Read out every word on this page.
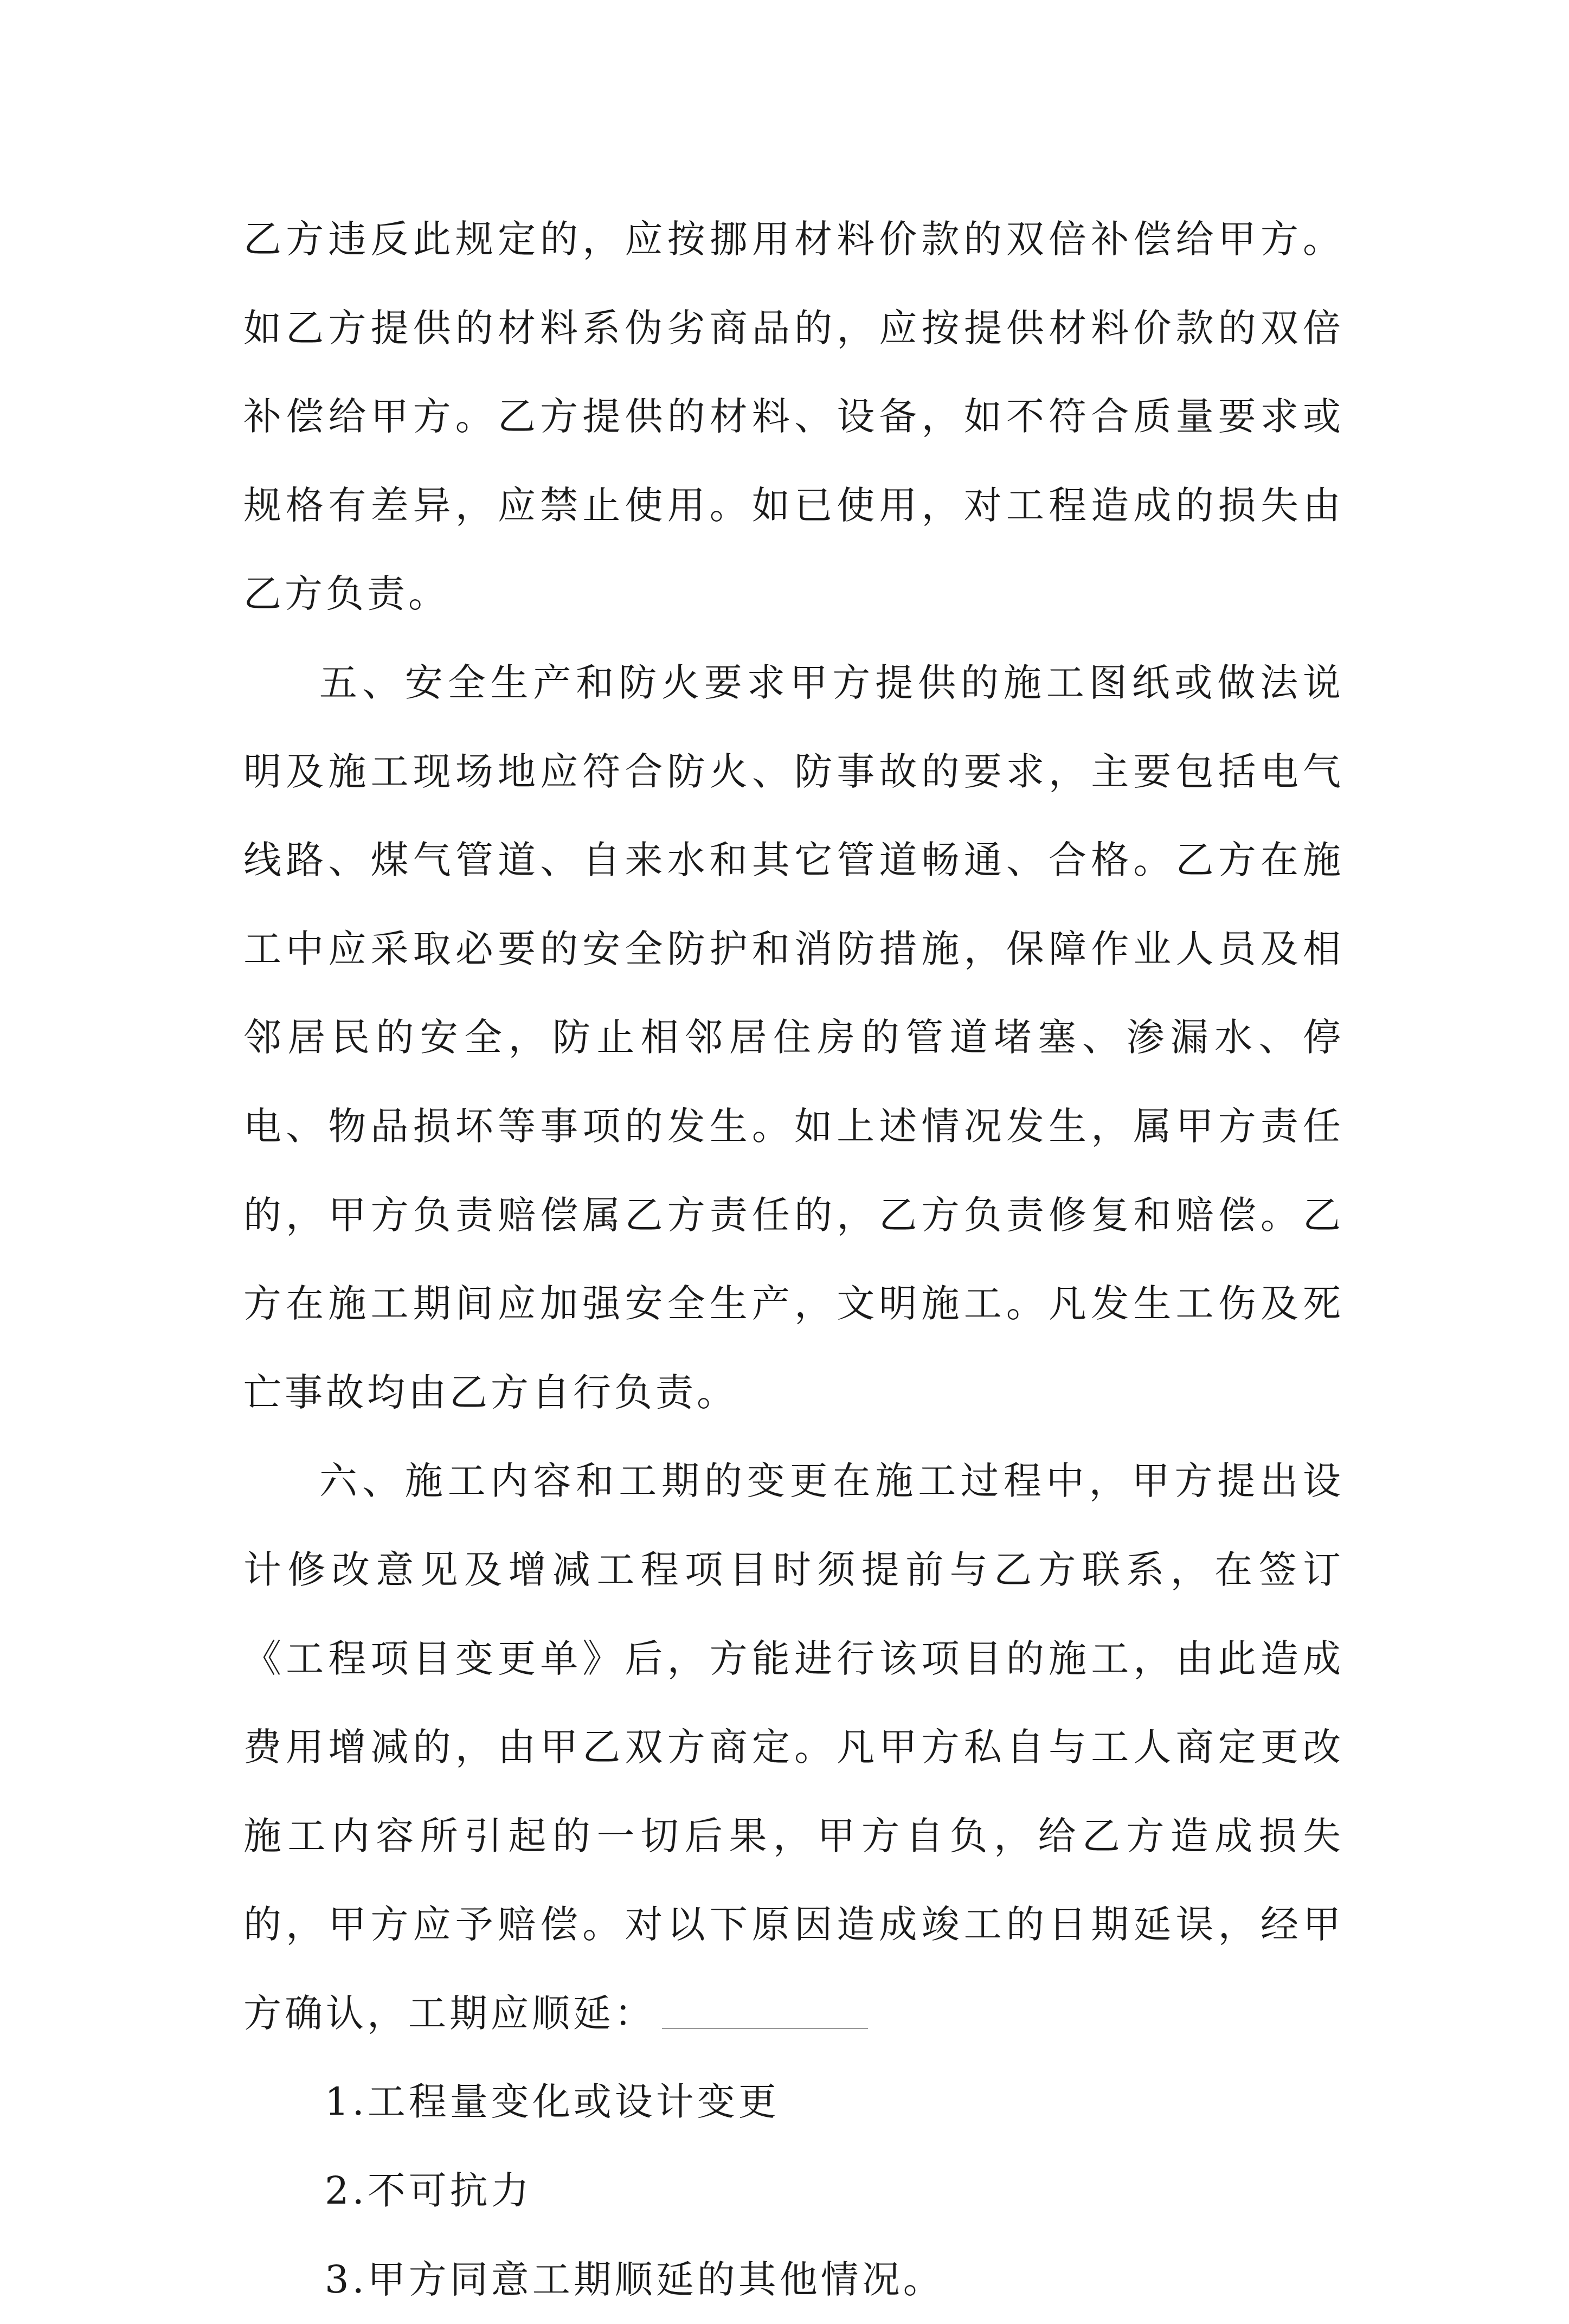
乙方违反此规定的，应按挪用材料价款的双倍补偿给甲方。如乙方提供的材料系伪劣商品的，应按提供材料价款的双倍补偿给甲方。乙方提供的材料、设备，如不符合质量要求或规格有差异，应禁止使用。如已使用，对工程造成的损失由乙方负责。

五、安全生产和防火要求甲方提供的施工图纸或做法说明及施工现场地应符合防火、防事故的要求，主要包括电气线路、煤气管道、自来水和其它管道畅通、合格。乙方在施工中应采取必要的安全防护和消防措施，保障作业人员及相邻居民的安全，防止相邻居住房的管道堵塞、渗漏水、停电、物品损坏等事项的发生。如上述情况发生，属甲方责任的，甲方负责赔偿属乙方责任的，乙方负责修复和赔偿。乙方在施工期间应加强安全生产，文明施工。凡发生工伤及死亡事故均由乙方自行负责。

六、施工内容和工期的变更在施工过程中，甲方提出设计修改意见及增减工程项目时须提前与乙方联系，在签订《工程项目变更单》后，方能进行该项目的施工，由此造成费用增减的，由甲乙双方商定。凡甲方私自与工人商定更改施工内容所引起的一切后果，甲方自负，给乙方造成损失的，甲方应予赔偿。对以下原因造成竣工的日期延误，经甲方确认，工期应顺延：

1.工程量变化或设计变更

2.不可抗力

3.甲方同意工期顺延的其他情况。
